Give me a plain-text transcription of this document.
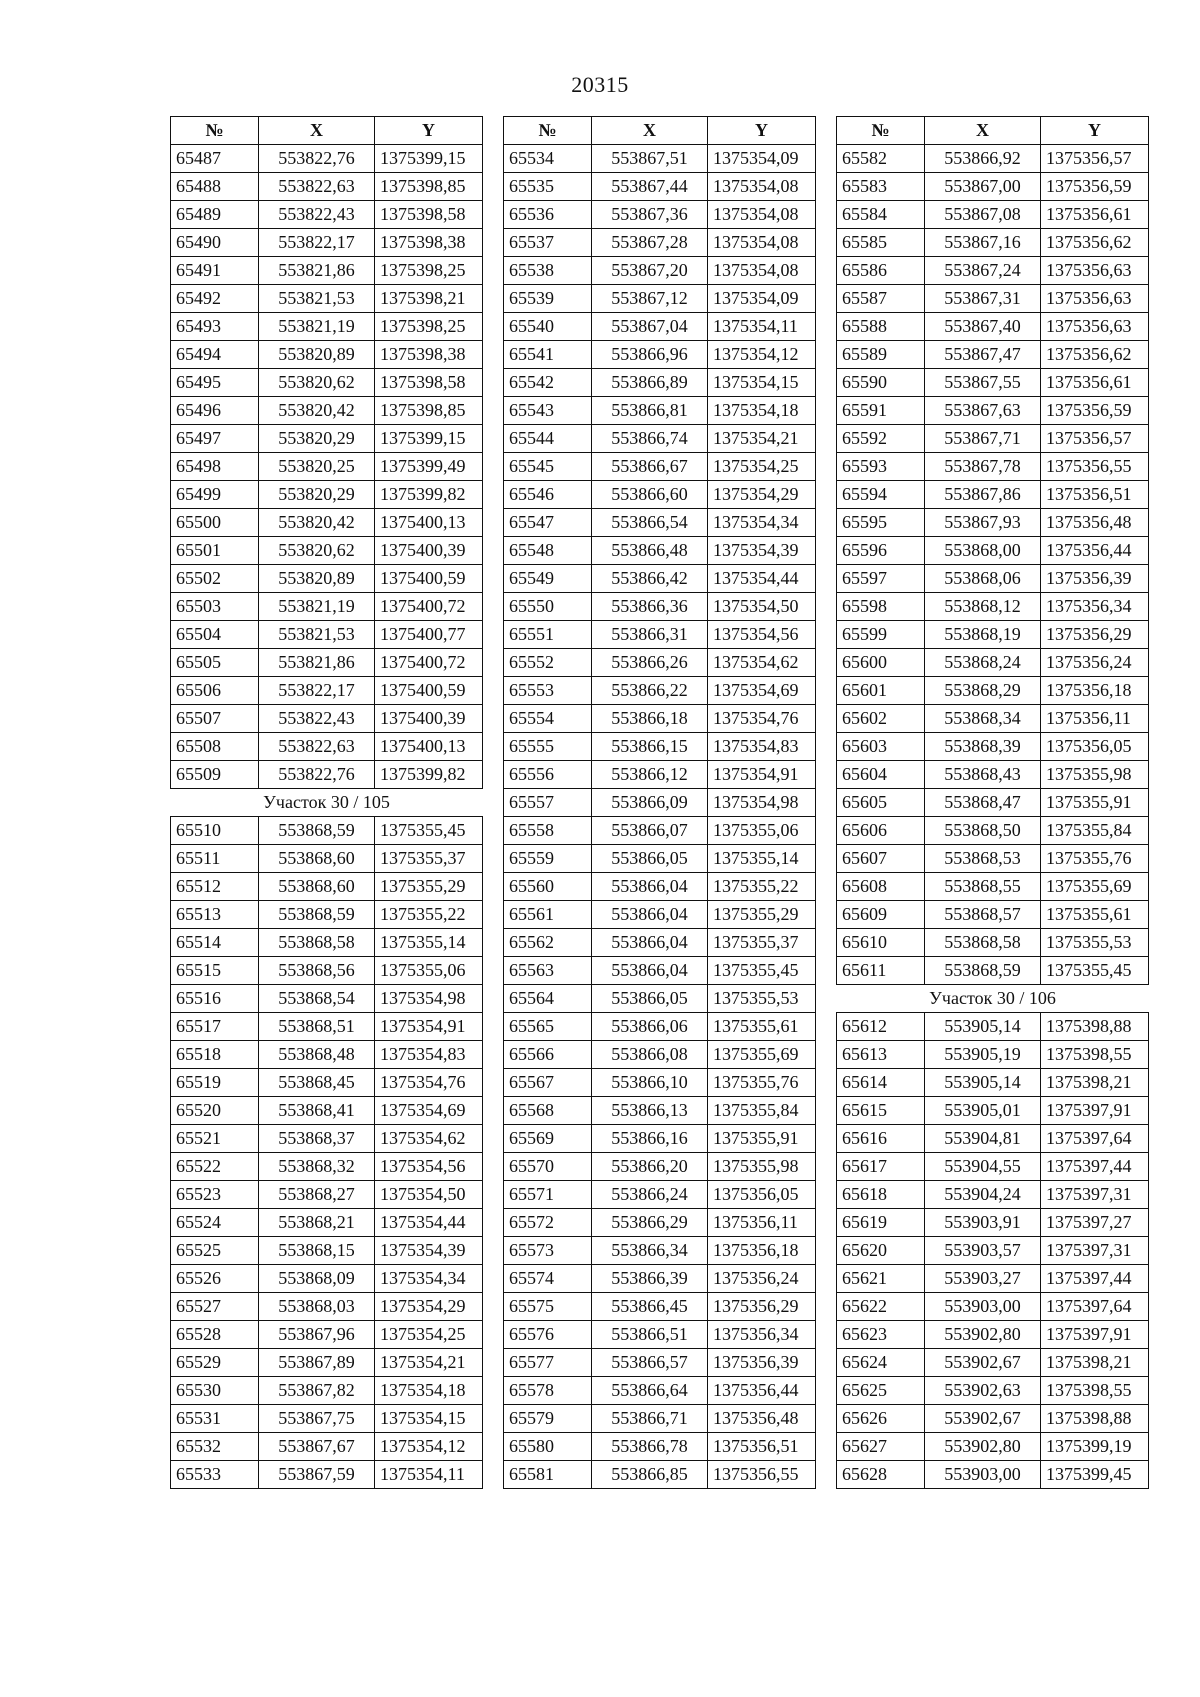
20315
№	X	Y
65487	553822,76	1375399,15
65488	553822,63	1375398,85
65489	553822,43	1375398,58
65490	553822,17	1375398,38
65491	553821,86	1375398,25
65492	553821,53	1375398,21
65493	553821,19	1375398,25
65494	553820,89	1375398,38
65495	553820,62	1375398,58
65496	553820,42	1375398,85
65497	553820,29	1375399,15
65498	553820,25	1375399,49
65499	553820,29	1375399,82
65500	553820,42	1375400,13
65501	553820,62	1375400,39
65502	553820,89	1375400,59
65503	553821,19	1375400,72
65504	553821,53	1375400,77
65505	553821,86	1375400,72
65506	553822,17	1375400,59
65507	553822,43	1375400,39
65508	553822,63	1375400,13
65509	553822,76	1375399,82
Участок 30 / 105		
65510	553868,59	1375355,45
65511	553868,60	1375355,37
65512	553868,60	1375355,29
65513	553868,59	1375355,22
65514	553868,58	1375355,14
65515	553868,56	1375355,06
65516	553868,54	1375354,98
65517	553868,51	1375354,91
65518	553868,48	1375354,83
65519	553868,45	1375354,76
65520	553868,41	1375354,69
65521	553868,37	1375354,62
65522	553868,32	1375354,56
65523	553868,27	1375354,50
65524	553868,21	1375354,44
65525	553868,15	1375354,39
65526	553868,09	1375354,34
65527	553868,03	1375354,29
65528	553867,96	1375354,25
65529	553867,89	1375354,21
65530	553867,82	1375354,18
65531	553867,75	1375354,15
65532	553867,67	1375354,12
65533	553867,59	1375354,11
№	X	Y
65534	553867,51	1375354,09
65535	553867,44	1375354,08
65536	553867,36	1375354,08
65537	553867,28	1375354,08
65538	553867,20	1375354,08
65539	553867,12	1375354,09
65540	553867,04	1375354,11
65541	553866,96	1375354,12
65542	553866,89	1375354,15
65543	553866,81	1375354,18
65544	553866,74	1375354,21
65545	553866,67	1375354,25
65546	553866,60	1375354,29
65547	553866,54	1375354,34
65548	553866,48	1375354,39
65549	553866,42	1375354,44
65550	553866,36	1375354,50
65551	553866,31	1375354,56
65552	553866,26	1375354,62
65553	553866,22	1375354,69
65554	553866,18	1375354,76
65555	553866,15	1375354,83
65556	553866,12	1375354,91
65557	553866,09	1375354,98
65558	553866,07	1375355,06
65559	553866,05	1375355,14
65560	553866,04	1375355,22
65561	553866,04	1375355,29
65562	553866,04	1375355,37
65563	553866,04	1375355,45
65564	553866,05	1375355,53
65565	553866,06	1375355,61
65566	553866,08	1375355,69
65567	553866,10	1375355,76
65568	553866,13	1375355,84
65569	553866,16	1375355,91
65570	553866,20	1375355,98
65571	553866,24	1375356,05
65572	553866,29	1375356,11
65573	553866,34	1375356,18
65574	553866,39	1375356,24
65575	553866,45	1375356,29
65576	553866,51	1375356,34
65577	553866,57	1375356,39
65578	553866,64	1375356,44
65579	553866,71	1375356,48
65580	553866,78	1375356,51
65581	553866,85	1375356,55
№	X	Y
65582	553866,92	1375356,57
65583	553867,00	1375356,59
65584	553867,08	1375356,61
65585	553867,16	1375356,62
65586	553867,24	1375356,63
65587	553867,31	1375356,63
65588	553867,40	1375356,63
65589	553867,47	1375356,62
65590	553867,55	1375356,61
65591	553867,63	1375356,59
65592	553867,71	1375356,57
65593	553867,78	1375356,55
65594	553867,86	1375356,51
65595	553867,93	1375356,48
65596	553868,00	1375356,44
65597	553868,06	1375356,39
65598	553868,12	1375356,34
65599	553868,19	1375356,29
65600	553868,24	1375356,24
65601	553868,29	1375356,18
65602	553868,34	1375356,11
65603	553868,39	1375356,05
65604	553868,43	1375355,98
65605	553868,47	1375355,91
65606	553868,50	1375355,84
65607	553868,53	1375355,76
65608	553868,55	1375355,69
65609	553868,57	1375355,61
65610	553868,58	1375355,53
65611	553868,59	1375355,45
Участок 30 / 106		
65612	553905,14	1375398,88
65613	553905,19	1375398,55
65614	553905,14	1375398,21
65615	553905,01	1375397,91
65616	553904,81	1375397,64
65617	553904,55	1375397,44
65618	553904,24	1375397,31
65619	553903,91	1375397,27
65620	553903,57	1375397,31
65621	553903,27	1375397,44
65622	553903,00	1375397,64
65623	553902,80	1375397,91
65624	553902,67	1375398,21
65625	553902,63	1375398,55
65626	553902,67	1375398,88
65627	553902,80	1375399,19
65628	553903,00	1375399,45
